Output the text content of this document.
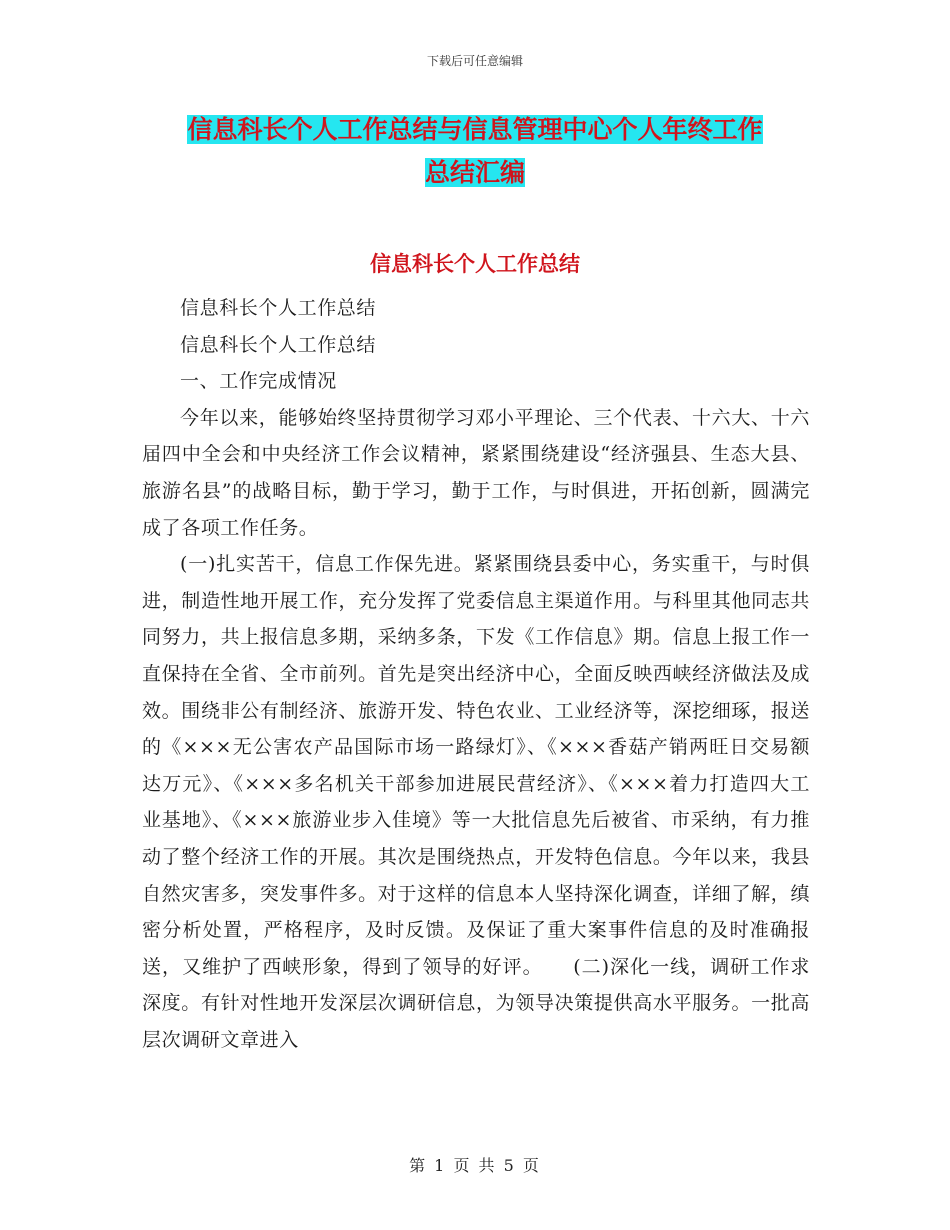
下载后可任意编辑
信息科长个人工作总结与信息管理中心个人年终工作
总结汇编
信息科长个人工作总结

信息科长个人工作总结

信息科长个人工作总结

一、工作完成情况

今年以来，能够始终坚持贯彻学习邓小平理论、三个代表、十六大、十六届四中全会和中央经济工作会议精神，紧紧围绕建设“经济强县、生态大县、旅游名县”的战略目标，勤于学习，勤于工作，与时俱进，开拓创新，圆满完成了各项工作任务。

(一)扎实苦干，信息工作保先进。紧紧围绕县委中心，务实重干，与时俱进，制造性地开展工作，充分发挥了党委信息主渠道作用。与科里其他同志共同努力，共上报信息多期，采纳多条，下发《工作信息》期。信息上报工作一直保持在全省、全市前列。首先是突出经济中心，全面反映西峡经济做法及成效。围绕非公有制经济、旅游开发、特色农业、工业经济等，深挖细琢，报送的《×××无公害农产品国际市场一路绿灯》、《×××香菇产销两旺日交易额达万元》、《×××多名机关干部参加进展民营经济》、《×××着力打造四大工业基地》、《×××旅游业步入佳境》等一大批信息先后被省、市采纳，有力推动了整个经济工作的开展。其次是围绕热点，开发特色信息。今年以来，我县自然灾害多，突发事件多。对于这样的信息本人坚持深化调查，详细了解，缜密分析处置，严格程序，及时反馈。及保证了重大案事件信息的及时准确报送，又维护了西峡形象，得到了领导的好评。　　(二)深化一线，调研工作求深度。有针对性地开发深层次调研信息，为领导决策提供高水平服务。一批高层次调研文章进入

第 1 页 共 5 页
